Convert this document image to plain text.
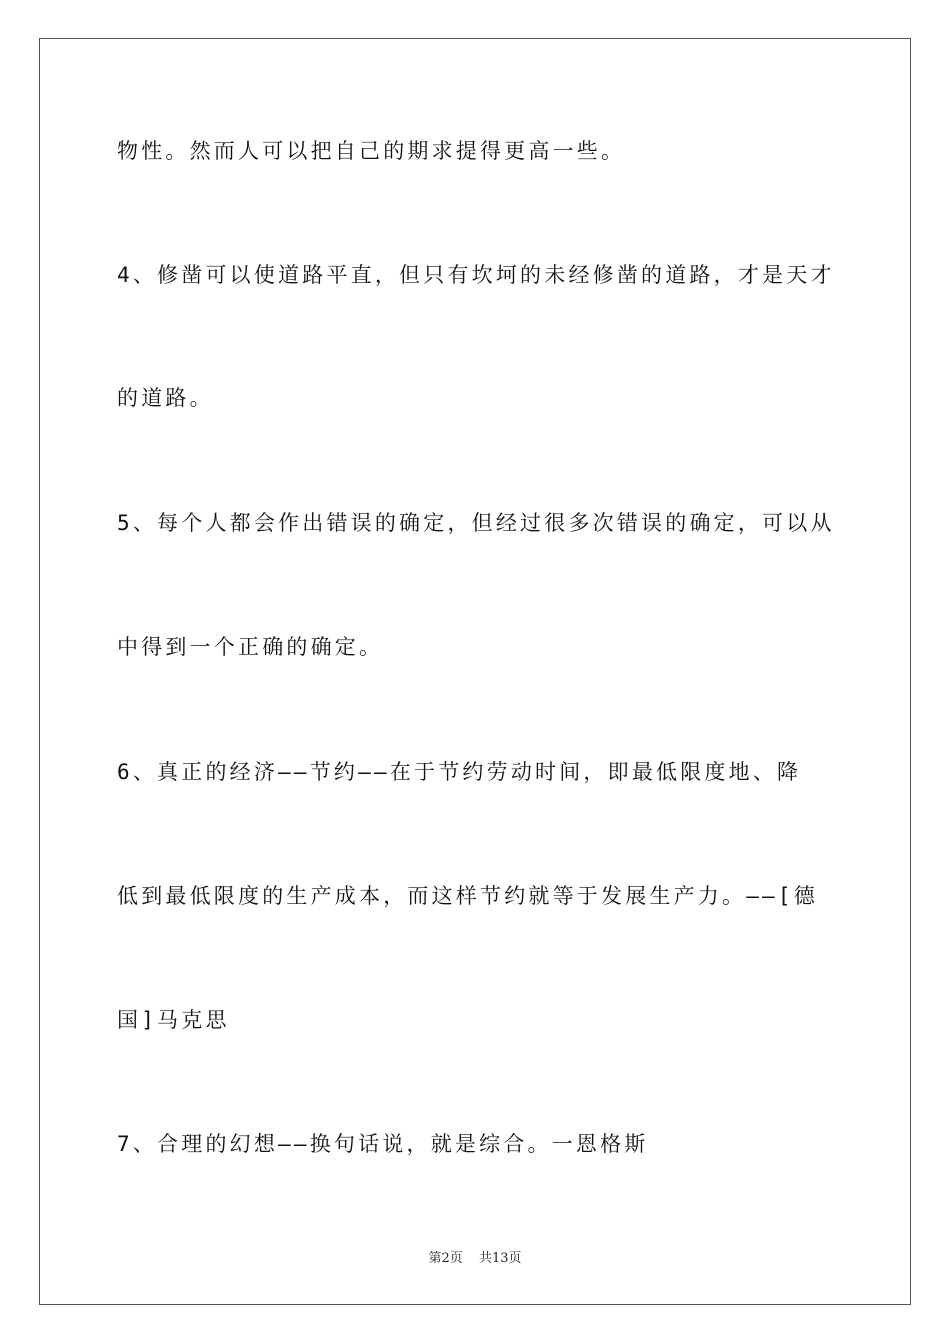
物性。然而人可以把自己的期求提得更高一些。
4、修凿可以使道路平直，但只有坎坷的未经修凿的道路，才是天才
的道路。
5、每个人都会作出错误的确定，但经过很多次错误的确定，可以从
中得到一个正确的确定。
6、真正的经济——节约——在于节约劳动时间，即最低限度地、降
低到最低限度的生产成本，而这样节约就等于发展生产力。——[德
国]马克思
7、合理的幻想——换句话说，就是综合。一恩格斯
第2页 共13页
